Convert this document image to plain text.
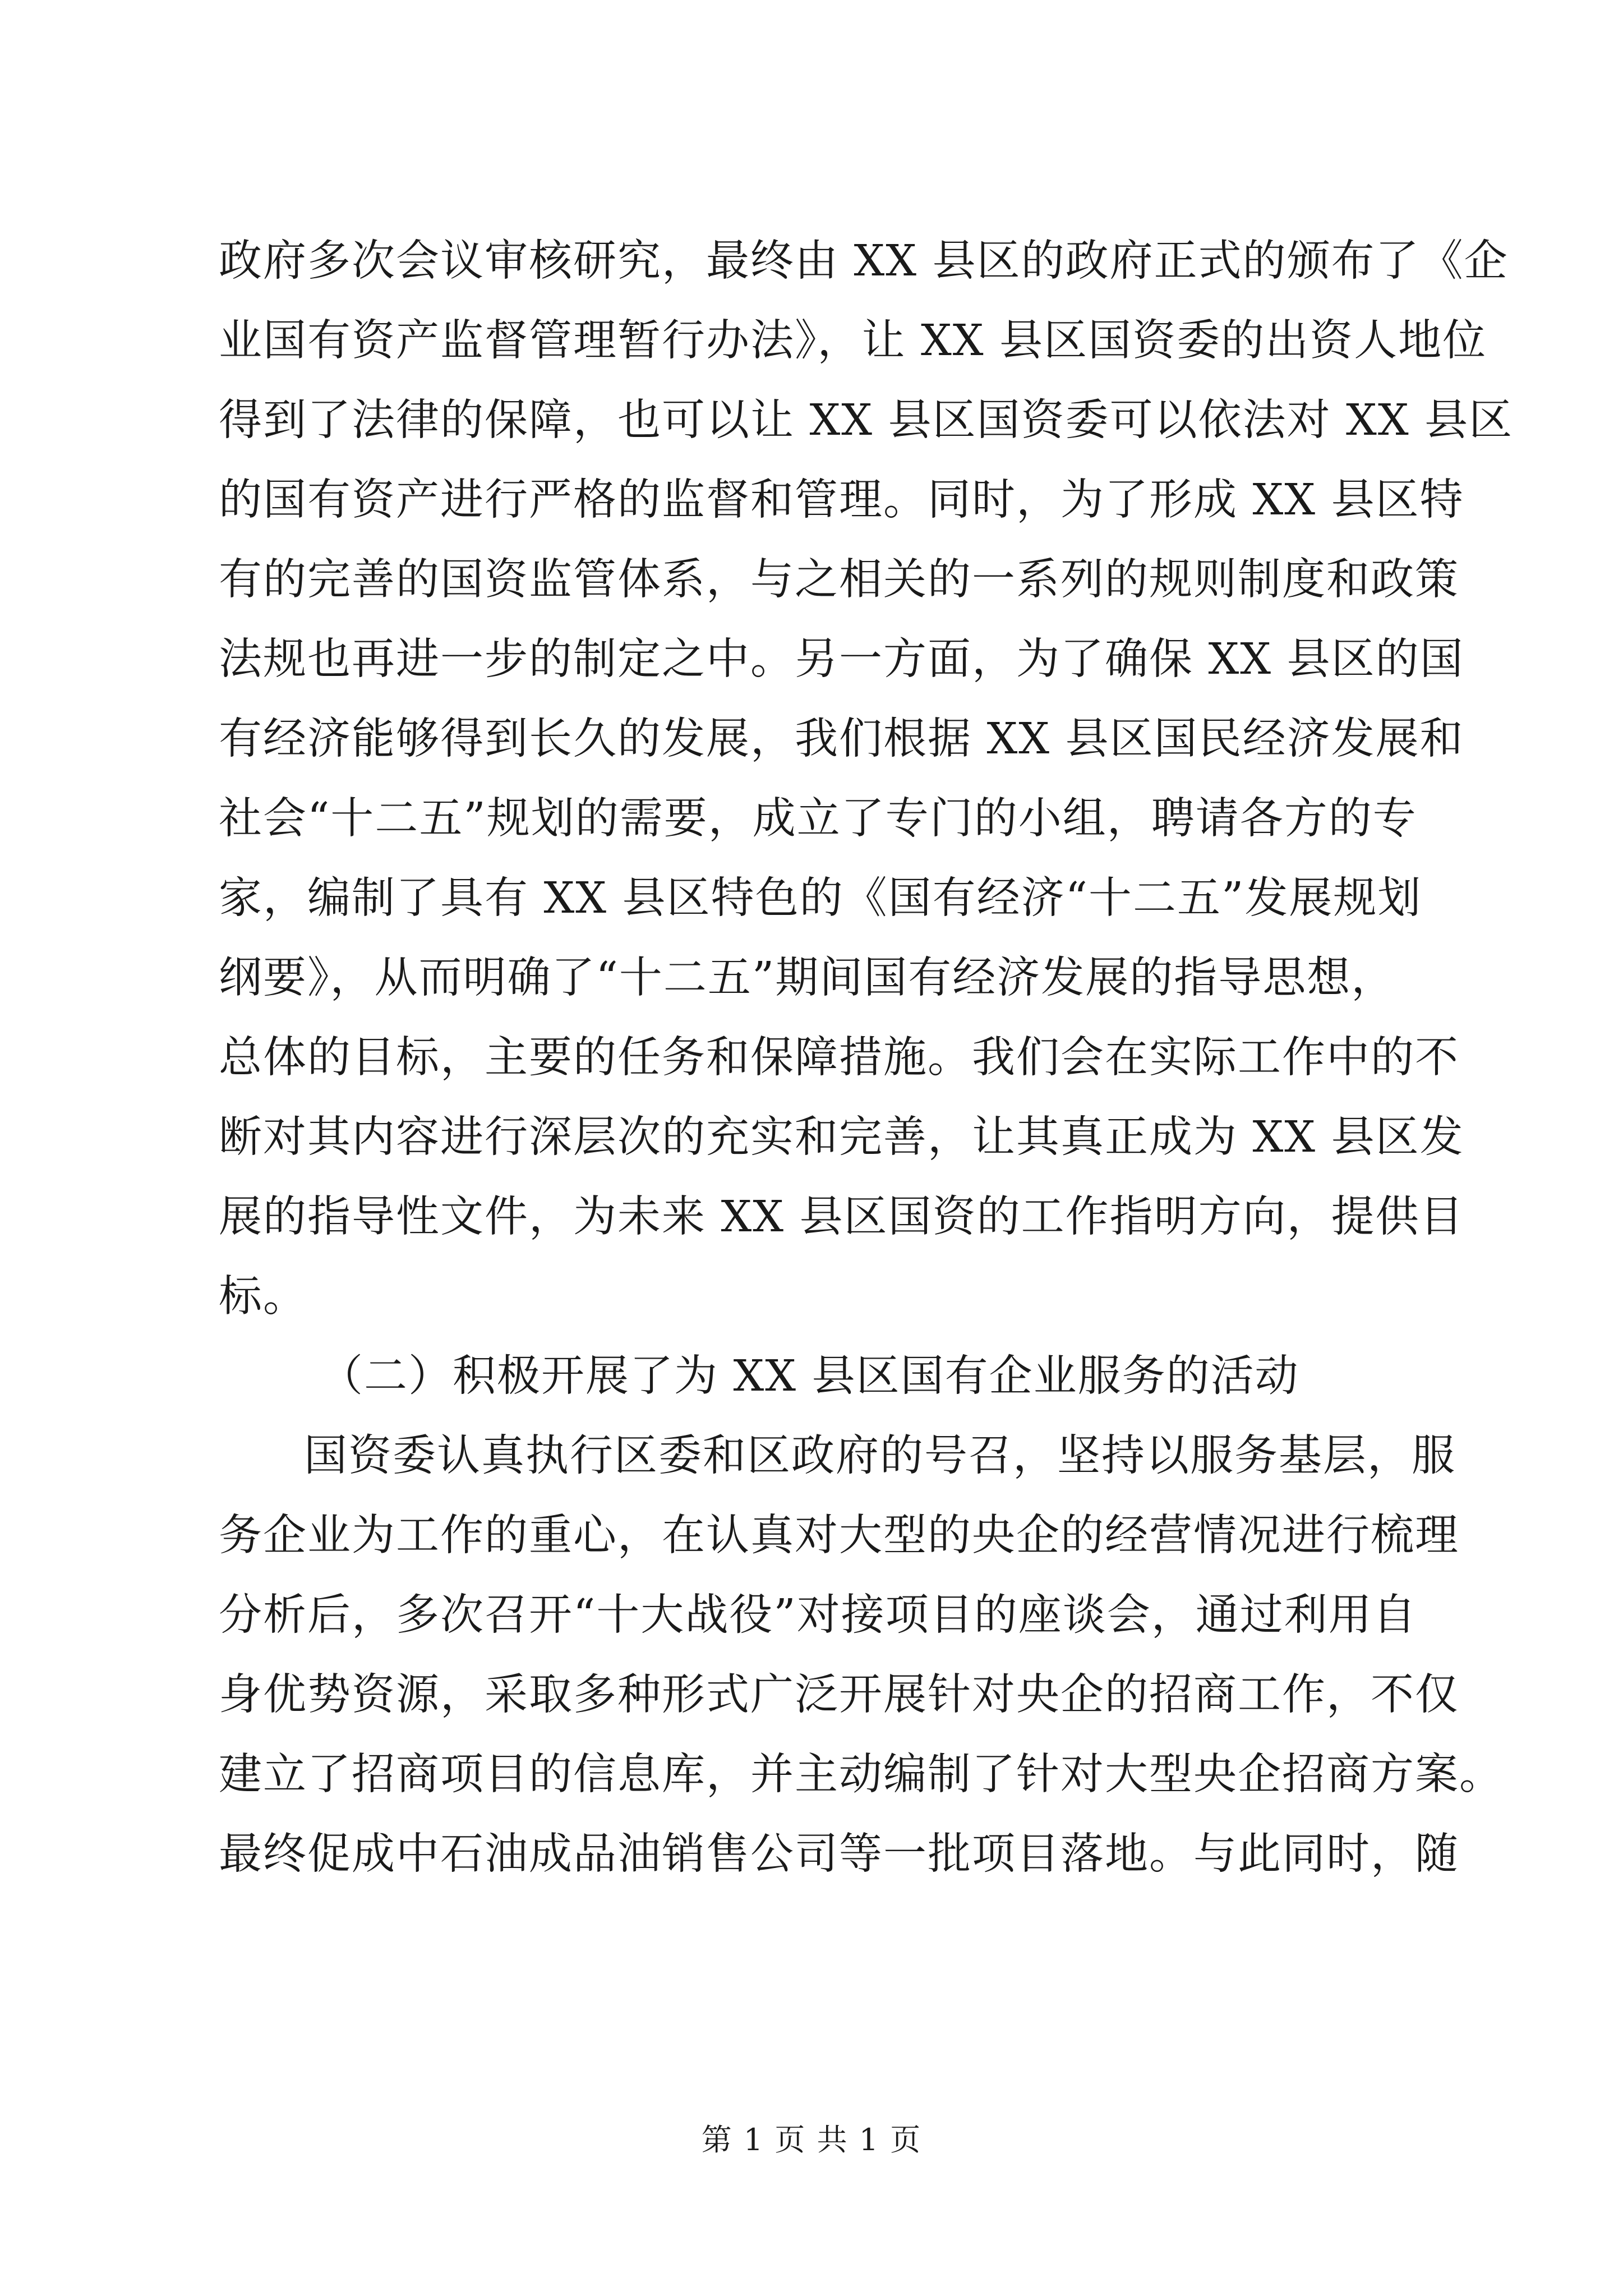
政府多次会议审核研究，最终由 XX 县区的政府正式的颁布了《企
业国有资产监督管理暂行办法》，让 XX 县区国资委的出资人地位
得到了法律的保障，也可以让 XX 县区国资委可以依法对 XX 县区
的国有资产进行严格的监督和管理。同时，为了形成 XX 县区特
有的完善的国资监管体系，与之相关的一系列的规则制度和政策
法规也再进一步的制定之中。另一方面，为了确保 XX 县区的国
有经济能够得到长久的发展，我们根据 XX 县区国民经济发展和
社会“十二五”规划的需要，成立了专门的小组，聘请各方的专
家，编制了具有 XX 县区特色的《国有经济“十二五”发展规划
纲要》，从而明确了“十二五”期间国有经济发展的指导思想，
总体的目标，主要的任务和保障措施。我们会在实际工作中的不
断对其内容进行深层次的充实和完善，让其真正成为 XX 县区发
展的指导性文件，为未来 XX 县区国资的工作指明方向，提供目
标。
（二）积极开展了为 XX 县区国有企业服务的活动
国资委认真执行区委和区政府的号召，坚持以服务基层，服
务企业为工作的重心，在认真对大型的央企的经营情况进行梳理
分析后，多次召开“十大战役”对接项目的座谈会，通过利用自
身优势资源，采取多种形式广泛开展针对央企的招商工作，不仅
建立了招商项目的信息库，并主动编制了针对大型央企招商方案。
最终促成中石油成品油销售公司等一批项目落地。与此同时，随
第 1 页 共 1 页
